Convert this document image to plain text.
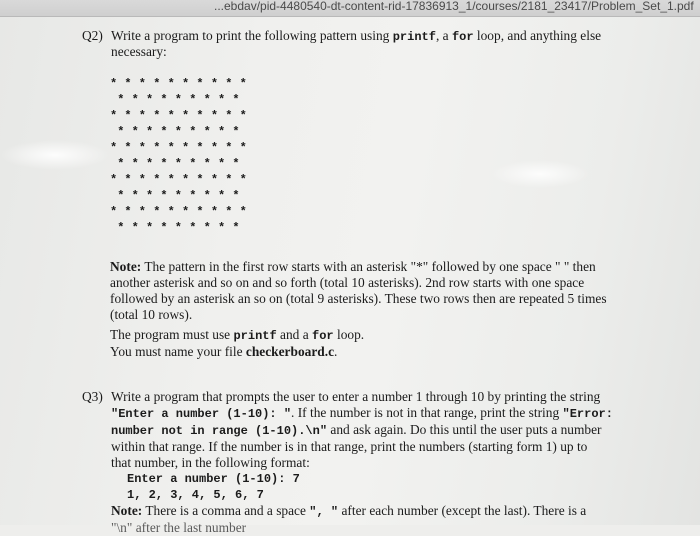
...ebdav/pid-4480540-dt-content-rid-17836913_1/courses/2181_23417/Problem_Set_1.pdf
Q2) Write a program to print the following pattern using printf, a for loop, and anything else
necessary:
* * * * * * * * * *
* * * * * * * * *
* * * * * * * * * *
* * * * * * * * *
* * * * * * * * * *
* * * * * * * * *
* * * * * * * * * *
* * * * * * * * *
* * * * * * * * * *
* * * * * * * * *

Note: The pattern in the first row starts with an asterisk "*" followed by one space " " then

another asterisk and so on and so forth (total 10 asterisks). 2nd row starts with one space

followed by an asterisk an so on (total 9 asterisks). These two rows then are repeated 5 times

(total 10 rows).

The program must use printf and a for loop.

You must name your file checkerboard.c.

Q3) Write a program that prompts the user to enter a number 1 through 10 by printing the string

"Enter a number (1-10): ". If the number is not in that range, print the string "Error:

number not in range (1-10).\n" and ask again. Do this until the user puts a number

within that range. If the number is in that range, print the numbers (starting form 1) up to

that number, in the following format:

Enter a number (1-10): 7

1, 2, 3, 4, 5, 6, 7

Note: There is a comma and a space ", " after each number (except the last). There is a

"\n" after the last number
